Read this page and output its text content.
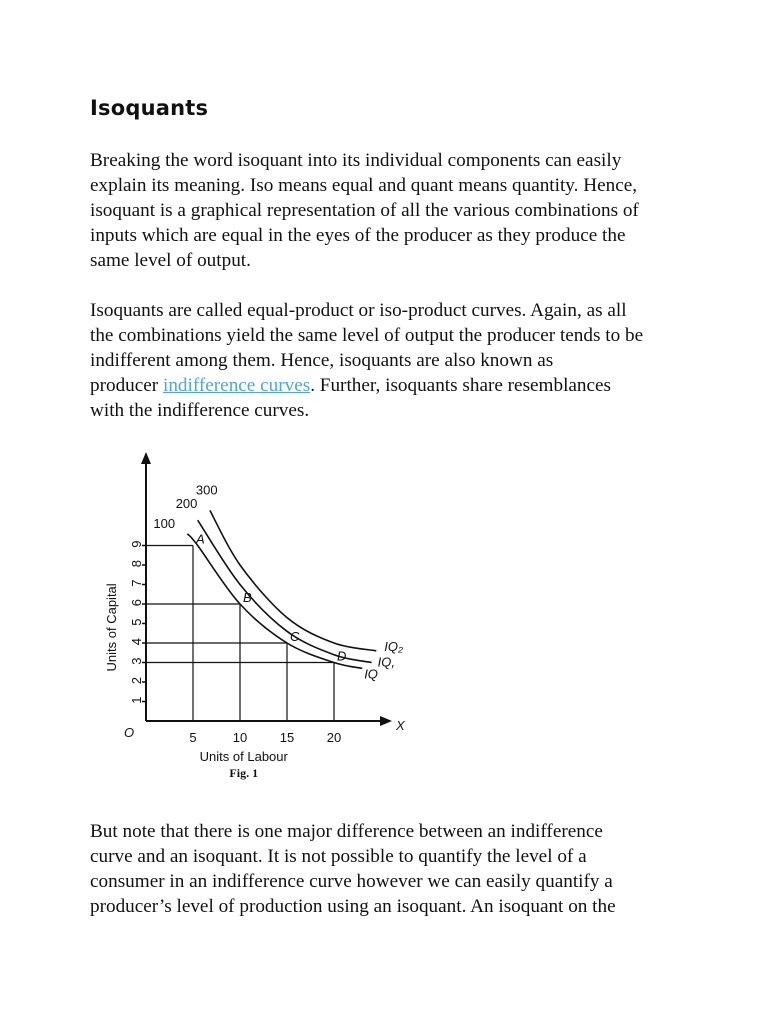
Isoquants

Breaking the word isoquant into its individual components can easily
explain its meaning. Iso means equal and quant means quantity. Hence,
isoquant is a graphical representation of all the various combinations of
inputs which are equal in the eyes of the producer as they produce the
same level of output.

Isoquants are called equal-product or iso-product curves. Again, as all
the combinations yield the same level of output the producer tends to be
indifferent among them. Hence, isoquants are also known as
producer indifference curves. Further, isoquants share resemblances
with the indifference curves.

X
O
1
2
3
4
5
6
7
8
9
5	10	15	20
Units of Capital
Units of Labour
Fig. 1
IQ
100
IQ,
200
IQ₂
300
A
B
C
D

But note that there is one major difference between an indifference
curve and an isoquant. It is not possible to quantify the level of a
consumer in an indifference curve however we can easily quantify a
producer’s level of production using an isoquant. An isoquant on the
